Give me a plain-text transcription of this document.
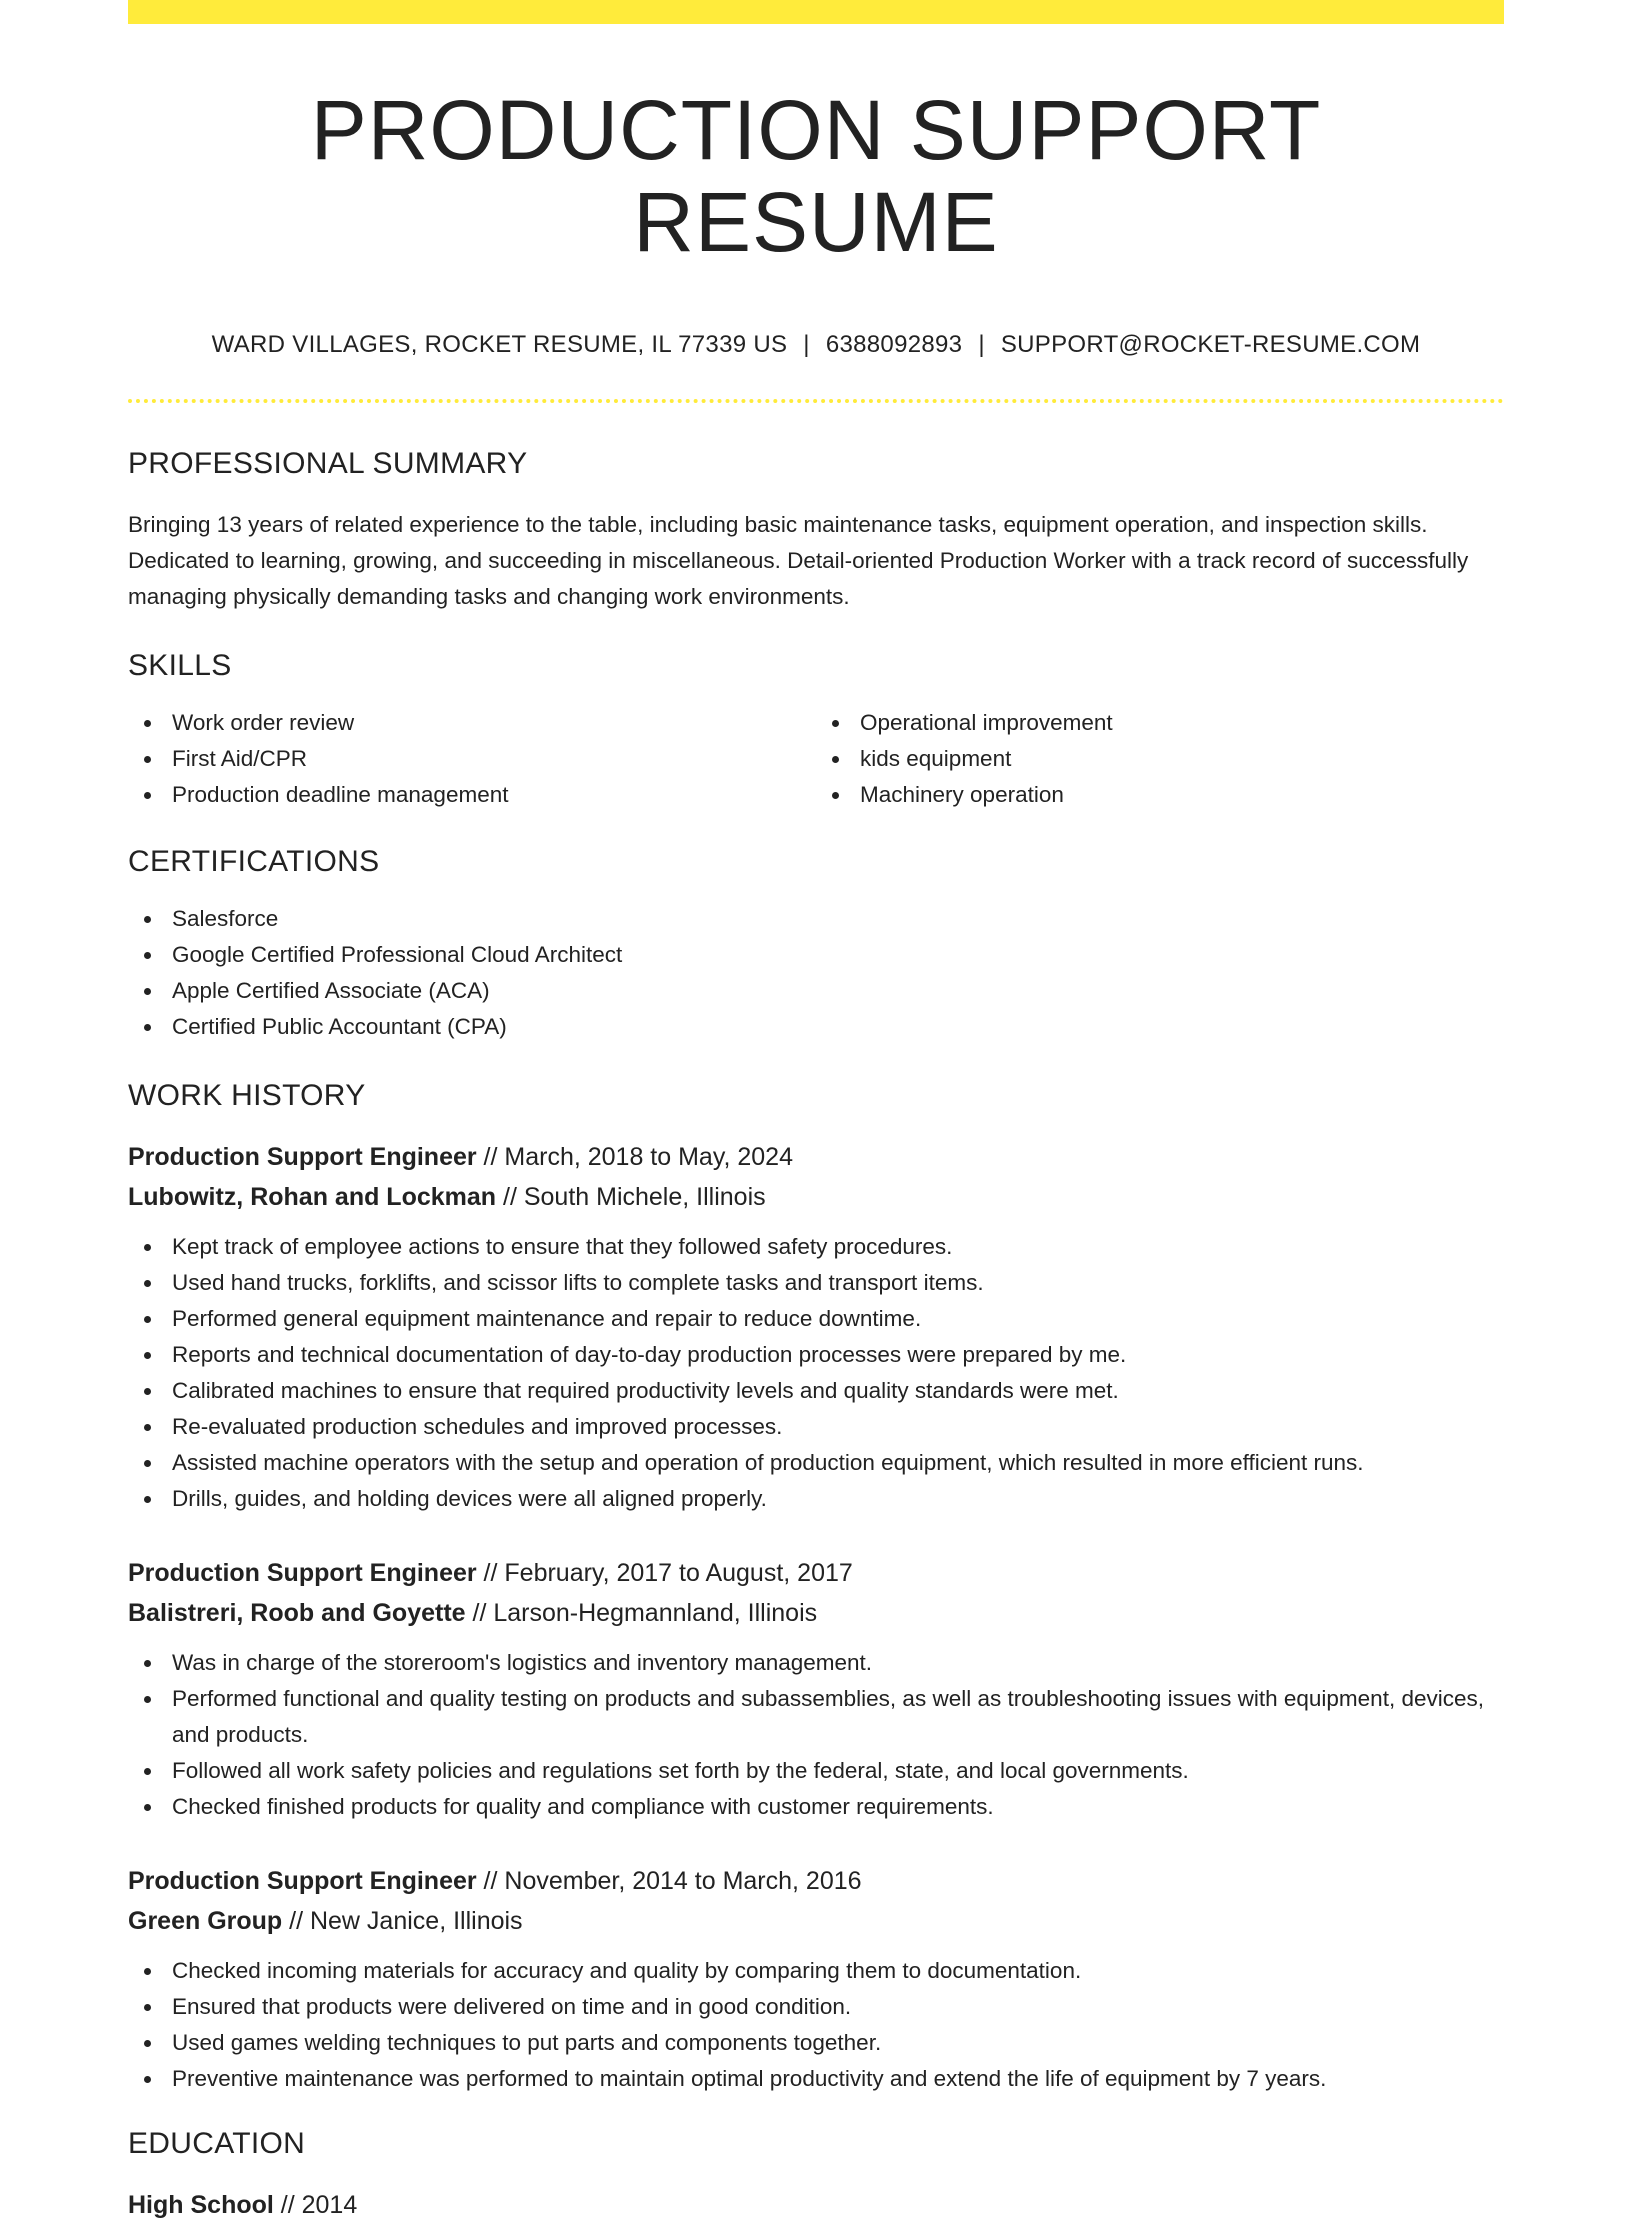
PRODUCTION SUPPORT RESUME
WARD VILLAGES, ROCKET RESUME, IL 77339 US | 6388092893 | SUPPORT@ROCKET-RESUME.COM
PROFESSIONAL SUMMARY

Bringing 13 years of related experience to the table, including basic maintenance tasks, equipment operation, and inspection skills. Dedicated to learning, growing, and succeeding in miscellaneous. Detail-oriented Production Worker with a track record of successfully managing physically demanding tasks and changing work environments.

SKILLS
Work order review
First Aid/CPR
Production deadline management
Operational improvement
kids equipment
Machinery operation
CERTIFICATIONS
Salesforce
Google Certified Professional Cloud Architect
Apple Certified Associate (ACA)
Certified Public Accountant (CPA)
WORK HISTORY
Production Support Engineer // March, 2018 to May, 2024
Lubowitz, Rohan and Lockman // South Michele, Illinois
Kept track of employee actions to ensure that they followed safety procedures.
Used hand trucks, forklifts, and scissor lifts to complete tasks and transport items.
Performed general equipment maintenance and repair to reduce downtime.
Reports and technical documentation of day-to-day production processes were prepared by me.
Calibrated machines to ensure that required productivity levels and quality standards were met.
Re-evaluated production schedules and improved processes.
Assisted machine operators with the setup and operation of production equipment, which resulted in more efficient runs.
Drills, guides, and holding devices were all aligned properly.
Production Support Engineer // February, 2017 to August, 2017
Balistreri, Roob and Goyette // Larson-Hegmannland, Illinois
Was in charge of the storeroom's logistics and inventory management.
Performed functional and quality testing on products and subassemblies, as well as troubleshooting issues with equipment, devices, and products.
Followed all work safety policies and regulations set forth by the federal, state, and local governments.
Checked finished products for quality and compliance with customer requirements.
Production Support Engineer // November, 2014 to March, 2016
Green Group // New Janice, Illinois
Checked incoming materials for accuracy and quality by comparing them to documentation.
Ensured that products were delivered on time and in good condition.
Used games welding techniques to put parts and components together.
Preventive maintenance was performed to maintain optimal productivity and extend the life of equipment by 7 years.
EDUCATION
High School // 2014
